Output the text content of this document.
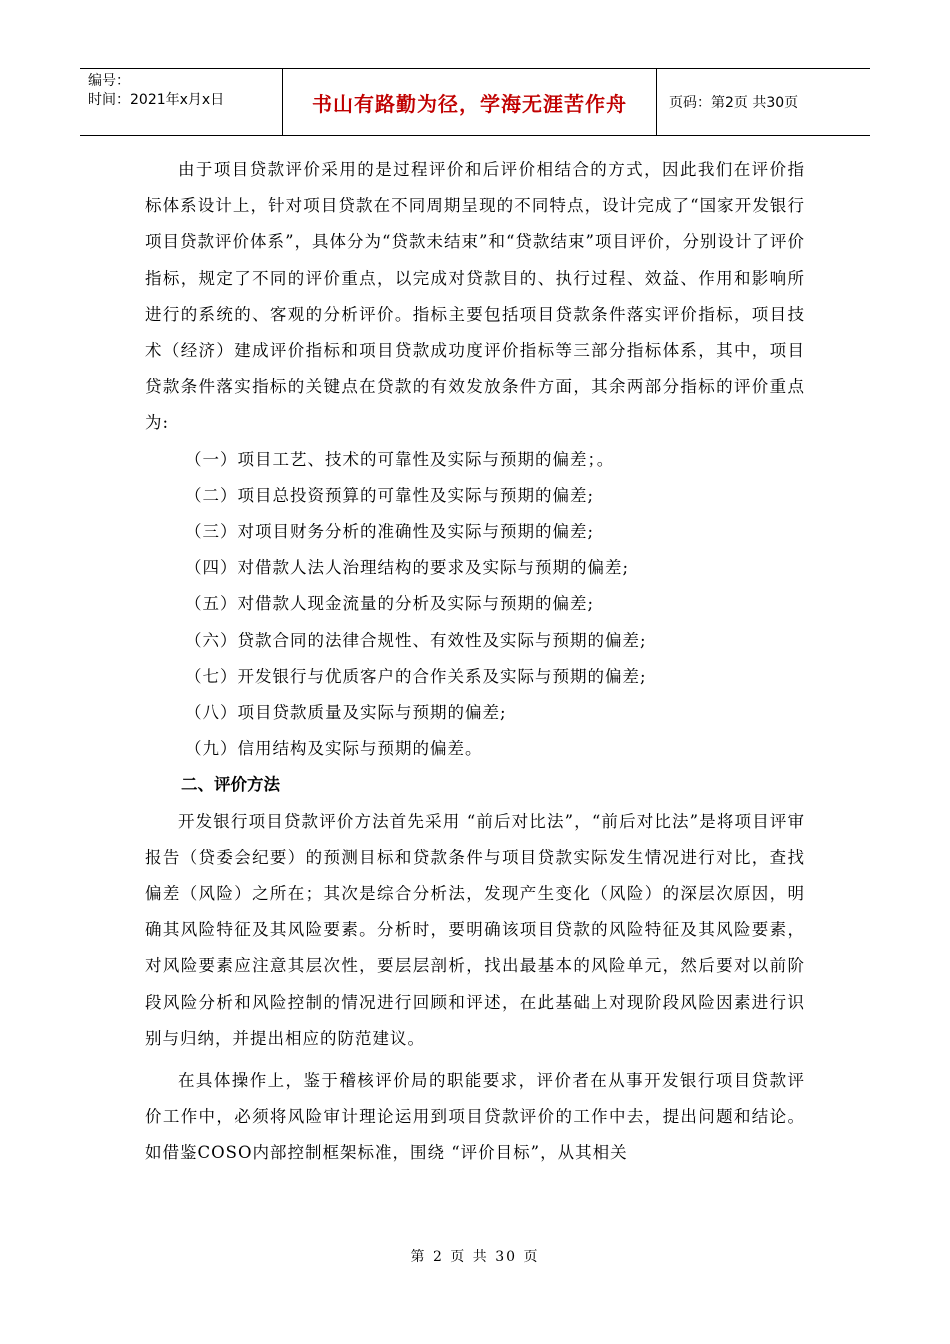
编号：
时间：2021年x月x日	书山有路勤为径，学海无涯苦作舟	页码：第2页 共30页

由于项目贷款评价采用的是过程评价和后评价相结合的方式，因此我们在评价指标体系设计上，针对项目贷款在不同周期呈现的不同特点，设计完成了“国家开发银行项目贷款评价体系”，具体分为“贷款未结束”和“贷款结束”项目评价，分别设计了评价指标，规定了不同的评价重点，以完成对贷款目的、执行过程、效益、作用和影响所进行的系统的、客观的分析评价。指标主要包括项目贷款条件落实评价指标，项目技术（经济）建成评价指标和项目贷款成功度评价指标等三部分指标体系，其中，项目贷款条件落实指标的关键点在贷款的有效发放条件方面，其余两部分指标的评价重点为:

（一）项目工艺、技术的可靠性及实际与预期的偏差；。

（二）项目总投资预算的可靠性及实际与预期的偏差;

（三）对项目财务分析的准确性及实际与预期的偏差;

（四）对借款人法人治理结构的要求及实际与预期的偏差;

（五）对借款人现金流量的分析及实际与预期的偏差;

（六）贷款合同的法律合规性、有效性及实际与预期的偏差;

（七）开发银行与优质客户的合作关系及实际与预期的偏差;

（八）项目贷款质量及实际与预期的偏差;

（九）信用结构及实际与预期的偏差。

二、评价方法

开发银行项目贷款评价方法首先采用 “前后对比法”，“前后对比法”是将项目评审报告（贷委会纪要）的预测目标和贷款条件与项目贷款实际发生情况进行对比，查找偏差（风险）之所在；其次是综合分析法，发现产生变化（风险）的深层次原因，明确其风险特征及其风险要素。分析时，要明确该项目贷款的风险特征及其风险要素，对风险要素应注意其层次性，要层层剖析，找出最基本的风险单元，然后要对以前阶段风险分析和风险控制的情况进行回顾和评述，在此基础上对现阶段风险因素进行识别与归纳，并提出相应的防范建议。

在具体操作上，鉴于稽核评价局的职能要求，评价者在从事开发银行项目贷款评价工作中，必须将风险审计理论运用到项目贷款评价的工作中去，提出问题和结论。如借鉴COSO内部控制框架标准，围绕 “评价目标”，从其相关

第 2 页 共 30 页
